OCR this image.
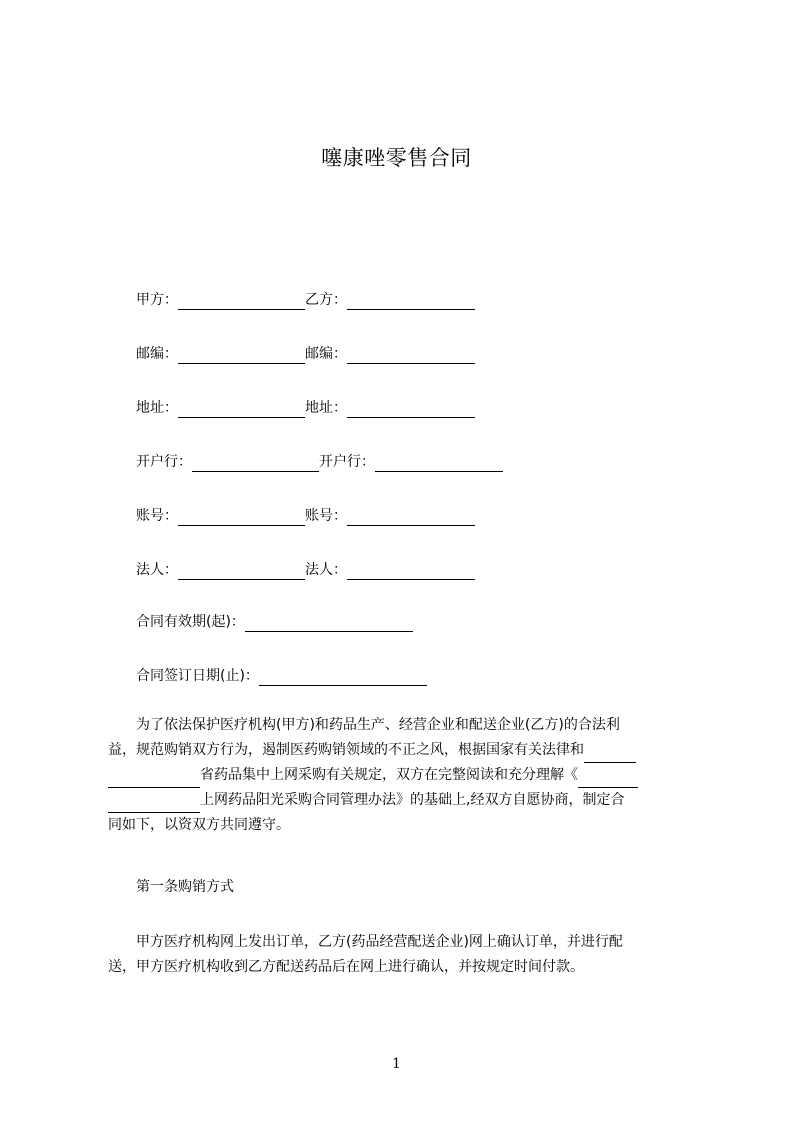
噻康唑零售合同
甲方：	乙方：
邮编：	邮编：
地址：	地址：
开户行：	开户行：
账号：	账号：
法人：	法人：
合同有效期(起)：
合同签订日期(止)：
为了依法保护医疗机构(甲方)和药品生产、经营企业和配送企业(乙方)的合法利
益，规范购销双方行为，遏制医药购销领域的不正之风，根据国家有关法律和
省药品集中上网采购有关规定，双方在完整阅读和充分理解《
上网药品阳光采购合同管理办法》的基础上,经双方自愿协商，制定合
同如下，以资双方共同遵守。
第一条购销方式
甲方医疗机构网上发出订单，乙方(药品经营配送企业)网上确认订单，并进行配
送，甲方医疗机构收到乙方配送药品后在网上进行确认，并按规定时间付款。
1
